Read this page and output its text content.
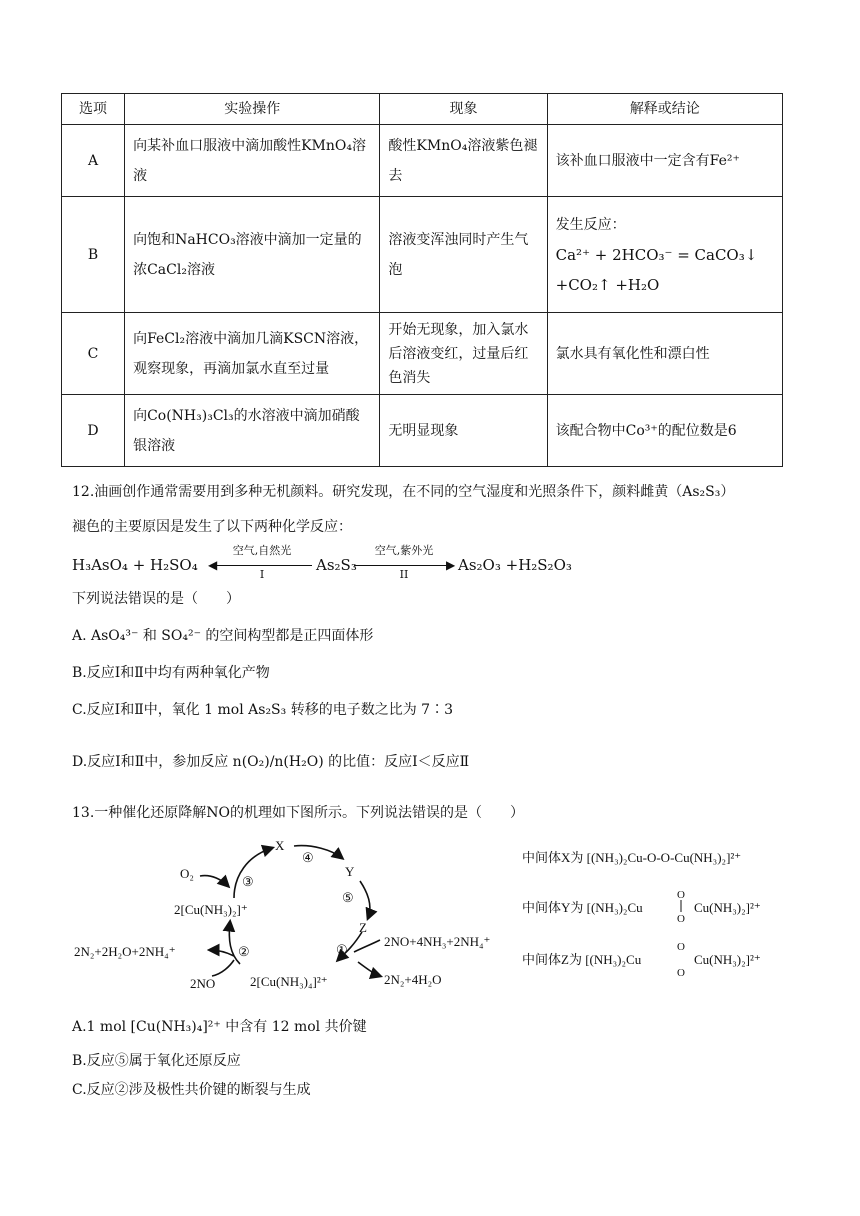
选项	实验操作	现象	解释或结论
A	向某补血口服液中滴加酸性KMnO₄溶液	酸性KMnO₄溶液紫色褪去	该补血口服液中一定含有Fe²⁺
B	向饱和NaHCO₃溶液中滴加一定量的浓CaCl₂溶液	溶液变浑浊同时产生气泡	发生反应：
Ca²⁺ + 2HCO₃⁻ = CaCO₃↓
+CO₂↑ +H₂O

C	向FeCl₂溶液中滴加几滴KSCN溶液，观察现象，再滴加氯水直至过量	开始无现象，加入氯水后溶液变红，过量后红色消失	氯水具有氧化性和漂白性
D	向Co(NH₃)₃Cl₃的水溶液中滴加硝酸银溶液	无明显现象	该配合物中Co³⁺的配位数是6
12.油画创作通常需要用到多种无机颜料。研究发现，在不同的空气湿度和光照条件下，颜料雌黄（As₂S₃）
褪色的主要原因是发生了以下两种化学反应：
H₃AsO₄ + H₂SO₄
空气,自然光
◀
I
As₂S₃
空气,紫外光
▶
II
As₂O₃ +H₂S₂O₃
下列说法错误的是（　　）
A. AsO₄³⁻ 和 SO₄²⁻ 的空间构型都是正四面体形
B.反应Ⅰ和Ⅱ中均有两种氧化产物
C.反应Ⅰ和Ⅱ中，氧化 1 mol As₂S₃ 转移的电子数之比为 7∶3
D.反应Ⅰ和Ⅱ中，参加反应 n(O₂)/n(H₂O) 的比值：反应Ⅰ＜反应Ⅱ
13.一种催化还原降解NO的机理如下图所示。下列说法错误的是（　　）
X
④
Y
⑤
Z
③
O₂
2[Cu(NH₃)₂]⁺
②
2N₂+2H₂O+2NH₄⁺
2NO	2[Cu(NH₃)₄]²⁺
①
2NO+4NH₃+2NH₄⁺
2N₂+4H₂O
中间体X为 [(NH₃)₂Cu-O-O-Cu(NH₃)₂]²⁺
中间体Y为 [(NH₃)₂Cu
O
O
Cu(NH₃)₂]²⁺
中间体Z为 [(NH₃)₂Cu
O
O
Cu(NH₃)₂]²⁺
A.1 mol [Cu(NH₃)₄]²⁺ 中含有 12 mol 共价键
B.反应⑤属于氧化还原反应
C.反应②涉及极性共价键的断裂与生成
